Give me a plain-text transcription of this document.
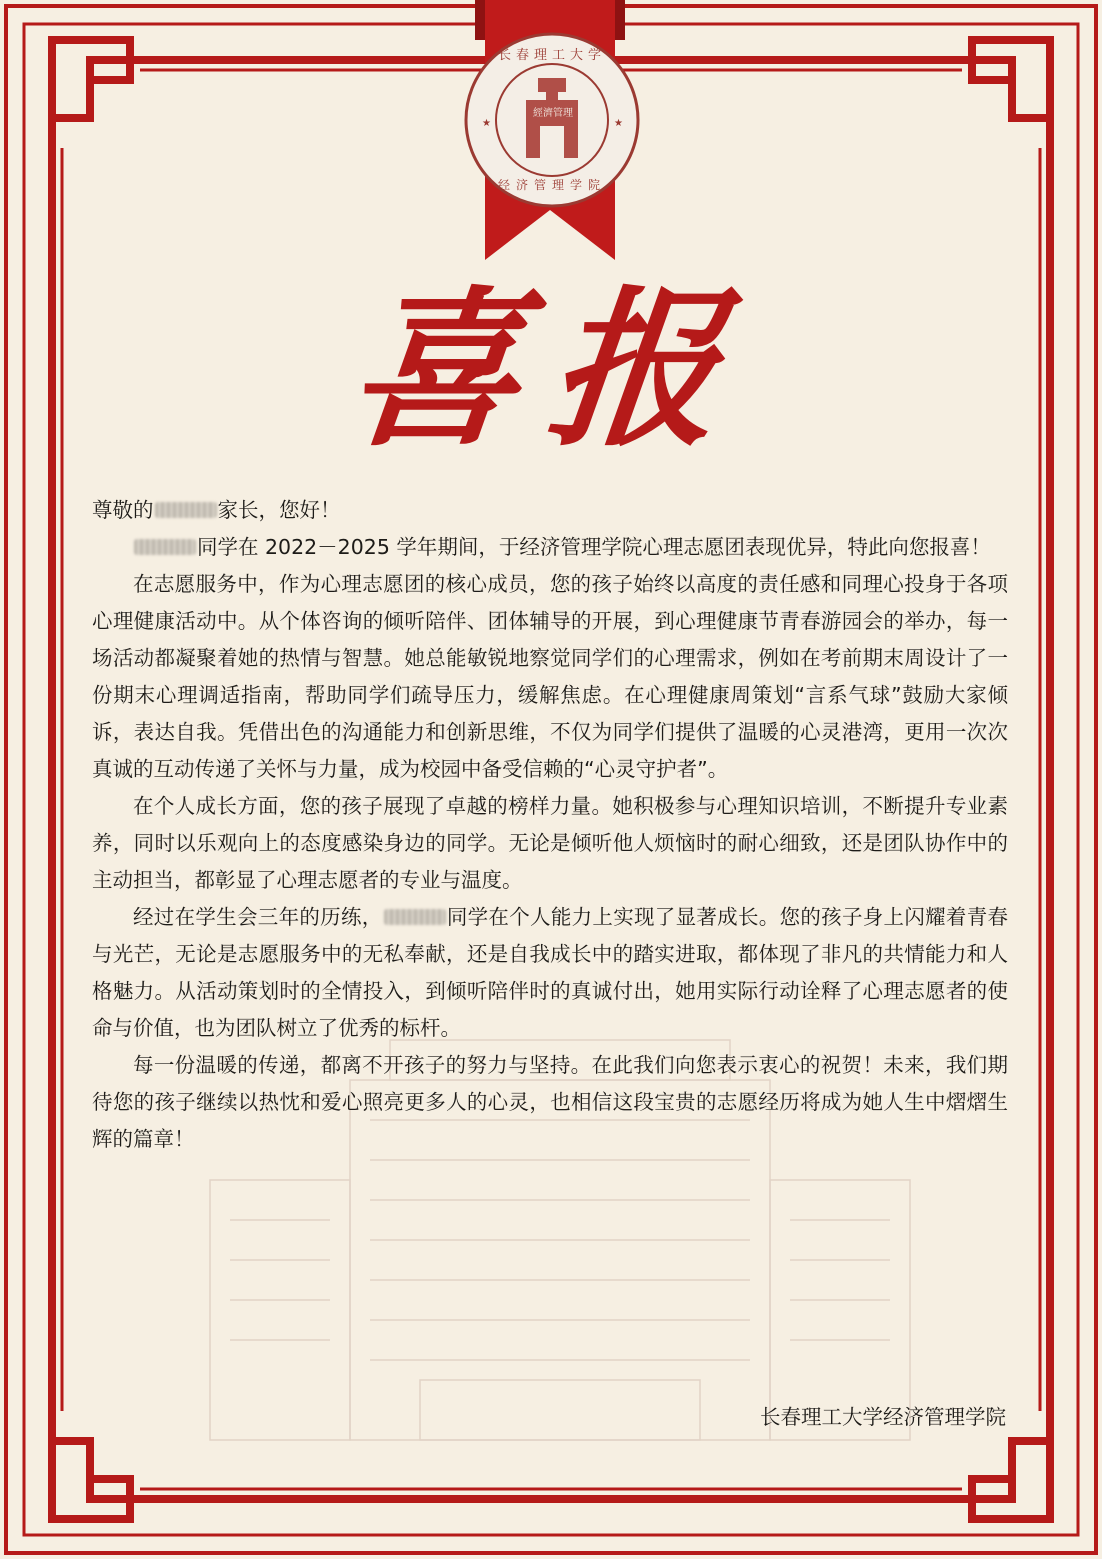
★	★
长春理工大学
经济管理学院
經濟管理
喜报

尊敬的	家长，您好！

同学在 2022－2025 学年期间，于经济管理学院心理志愿团表现优异，特此向您报喜！

在志愿服务中，作为心理志愿团的核心成员，您的孩子始终以高度的责任感和同理心投身于各项心理健康活动中。从个体咨询的倾听陪伴、团体辅导的开展，到心理健康节青春游园会的举办，每一场活动都凝聚着她的热情与智慧。她总能敏锐地察觉同学们的心理需求，例如在考前期末周设计了一份期末心理调适指南，帮助同学们疏导压力，缓解焦虑。在心理健康周策划“言系气球”鼓励大家倾诉，表达自我。凭借出色的沟通能力和创新思维，不仅为同学们提供了温暖的心灵港湾，更用一次次真诚的互动传递了关怀与力量，成为校园中备受信赖的“心灵守护者”。

在个人成长方面，您的孩子展现了卓越的榜样力量。她积极参与心理知识培训，不断提升专业素养，同时以乐观向上的态度感染身边的同学。无论是倾听他人烦恼时的耐心细致，还是团队协作中的主动担当，都彰显了心理志愿者的专业与温度。

经过在学生会三年的历练，	同学在个人能力上实现了显著成长。您的孩子身上闪耀着青春与光芒，无论是志愿服务中的无私奉献，还是自我成长中的踏实进取，都体现了非凡的共情能力和人格魅力。从活动策划时的全情投入，到倾听陪伴时的真诚付出，她用实际行动诠释了心理志愿者的使命与价值，也为团队树立了优秀的标杆。

每一份温暖的传递，都离不开孩子的努力与坚持。在此我们向您表示衷心的祝贺！未来，我们期待您的孩子继续以热忱和爱心照亮更多人的心灵，也相信这段宝贵的志愿经历将成为她人生中熠熠生辉的篇章！

长春理工大学经济管理学院
